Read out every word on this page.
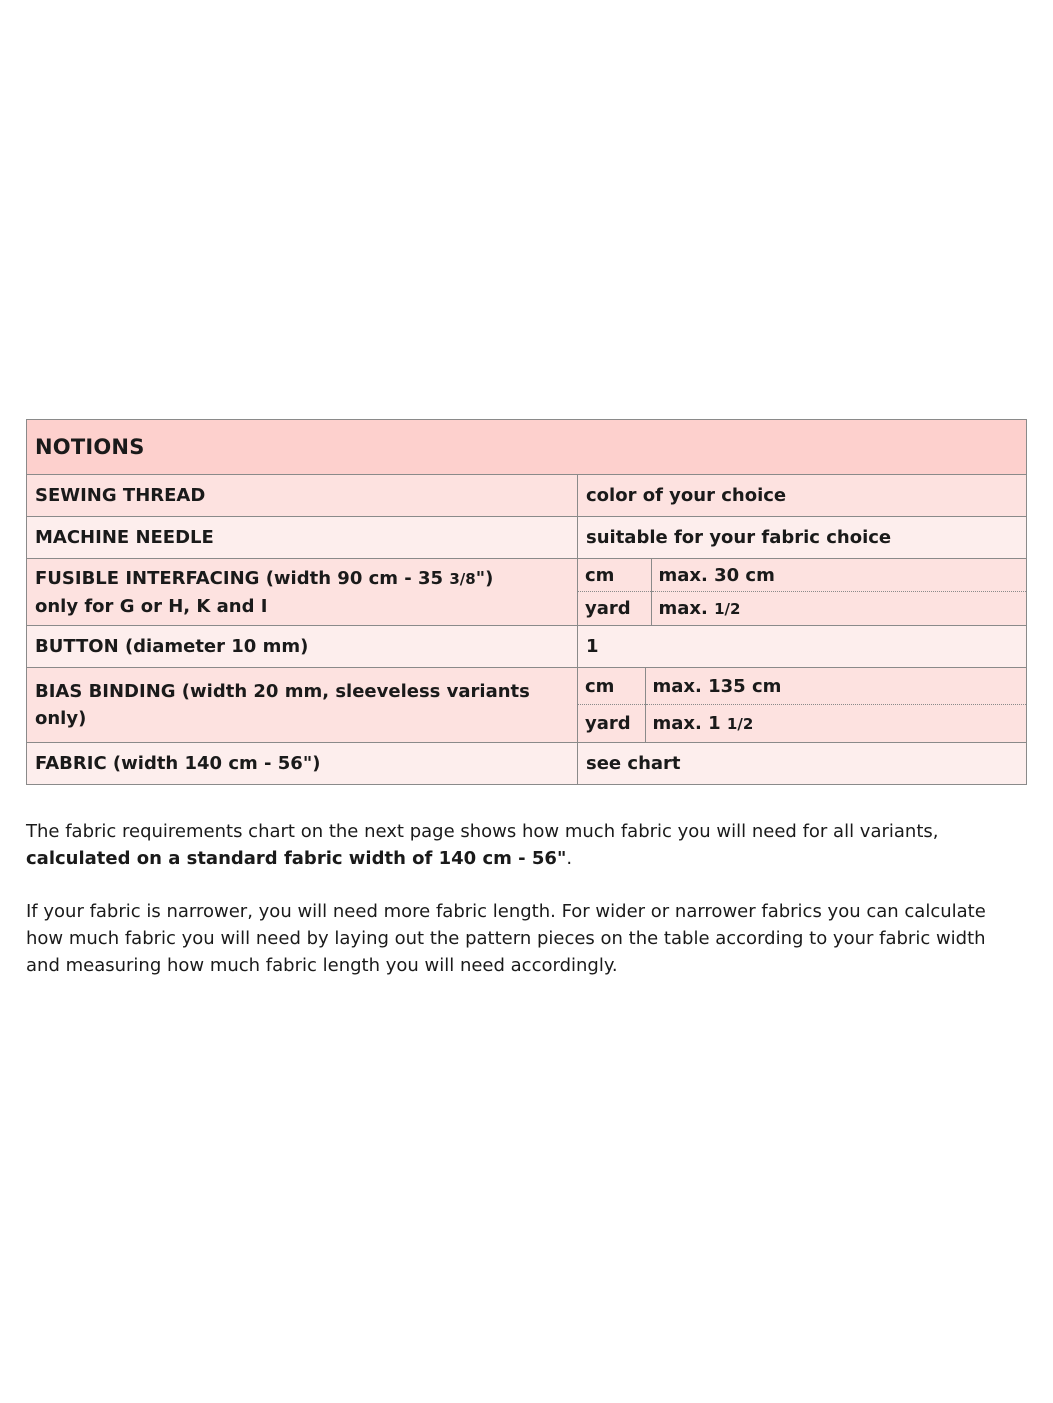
NOTIONS
SEWING THREAD	color of your choice
MACHINE NEEDLE	suitable for your fabric choice
FUSIBLE INTERFACING (width 90 cm - 35 3/8")
only for G or H, K and I	
cm	max. 30 cm
yard	max. 1/2

BUTTON (diameter 10 mm)	1
BIAS BINDING (width 20 mm, sleeveless variants only)	
cm	max. 135 cm
yard	max. 1 1/2

FABRIC (width 140 cm - 56")	see chart

The fabric requirements chart on the next page shows how much fabric you will need for all variants, calculated on a standard fabric width of 140 cm - 56".

If your fabric is narrower, you will need more fabric length. For wider or narrower fabrics you can calculate how much fabric you will need by laying out the pattern pieces on the table according to your fabric width and measuring how much fabric length you will need accordingly.
